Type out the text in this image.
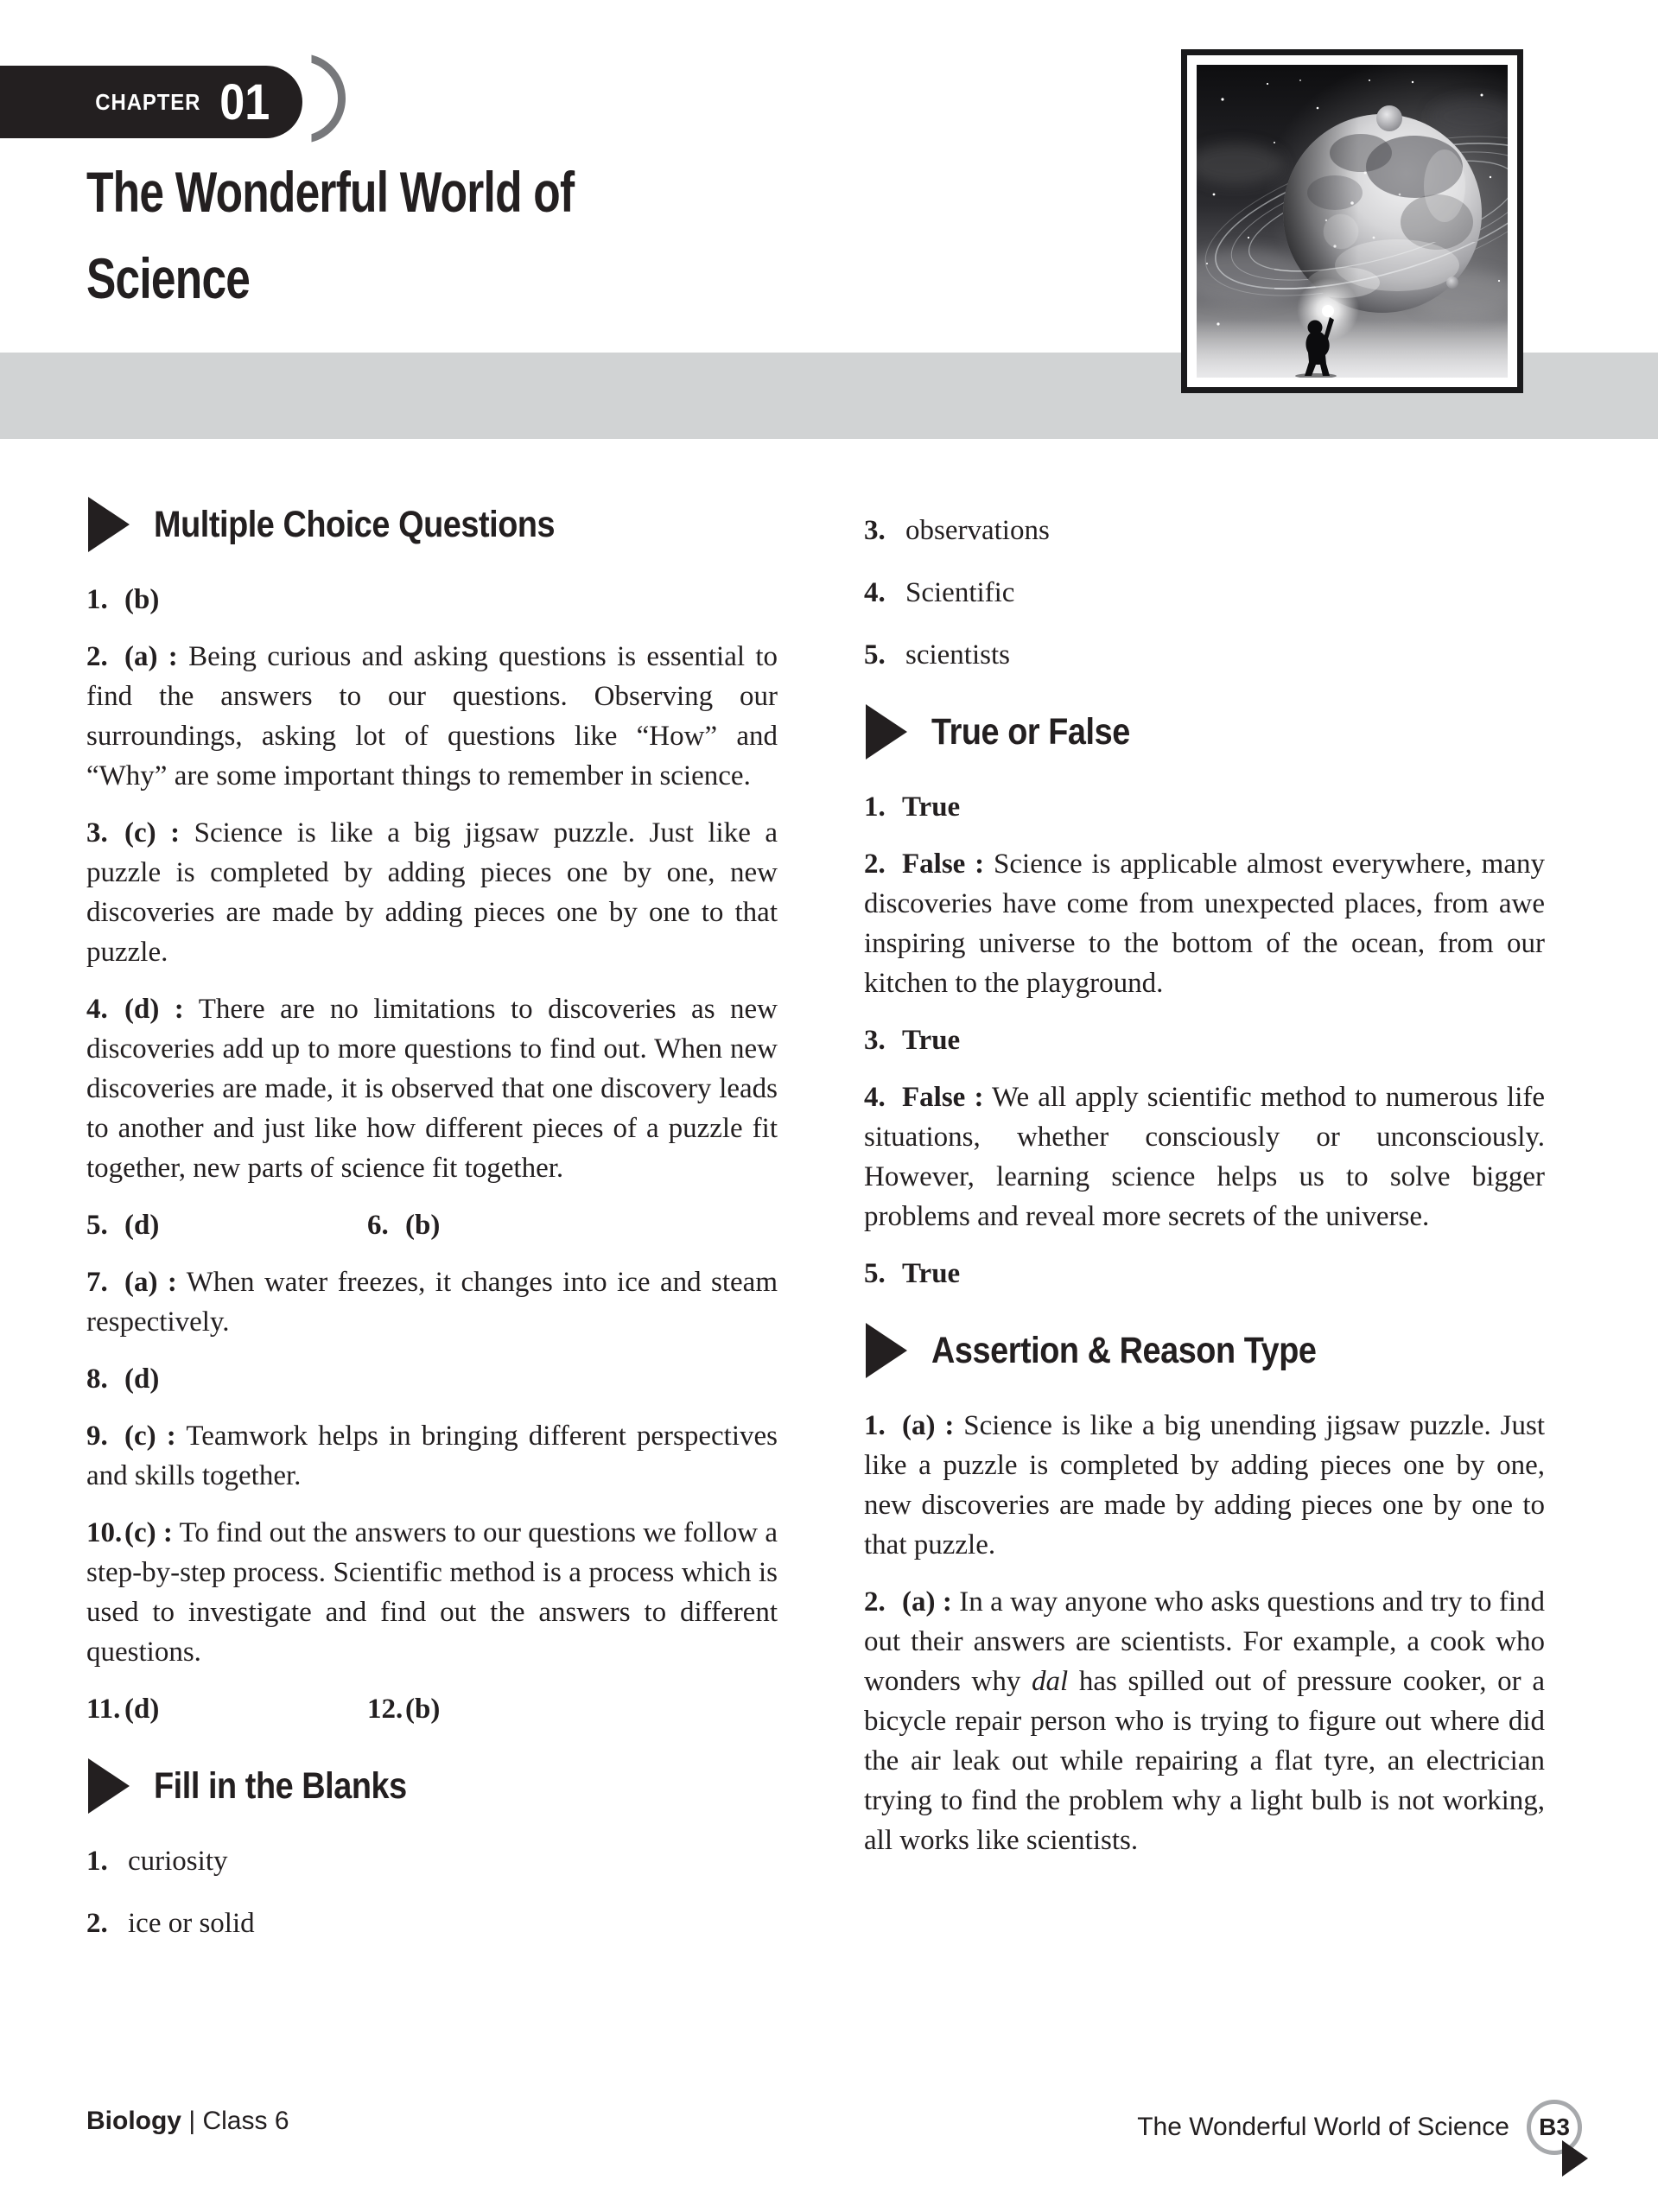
CHAPTER 01
The Wonderful World of
Science
Multiple Choice Questions

1. (b)

2. (a) : Being curious and asking questions is essential to find the answers to our questions. Observing our surroundings, asking lot of questions like “How” and “Why” are some important things to remember in science.

3. (c) : Science is like a big jigsaw puzzle. Just like a puzzle is completed by adding pieces one by one, new discoveries are made by adding pieces one by one to that puzzle.

4. (d) : There are no limitations to discoveries as new discoveries add up to more questions to find out. When new discoveries are made, it is observed that one discovery leads to another and just like how different pieces of a puzzle fit together, new parts of science fit together.

5. (d)	6. (b)

7. (a) : When water freezes, it changes into ice and steam respectively.

8. (d)

9. (c) : Teamwork helps in bringing different perspectives and skills together.

10.(c) : To find out the answers to our questions we follow a step-by-step process. Scientific method is a process which is used to investigate and find out the answers to different questions.

11. (d)	12.(b)

Fill in the Blanks

1. curiosity

2. ice or solid

3. observations

4. Scientific

5. scientists

True or False

1. True

2. False : Science is applicable almost everywhere, many discoveries have come from unexpected places, from awe inspiring universe to the bottom of the ocean, from our kitchen to the playground.

3. True

4. False : We all apply scientific method to numerous life situations, whether consciously or unconsciously. However, learning science helps us to solve bigger problems and reveal more secrets of the universe.

5. True

Assertion & Reason Type

1. (a) : Science is like a big unending jigsaw puzzle. Just like a puzzle is completed by adding pieces one by one, new discoveries are made by adding pieces one by one to that puzzle.

2. (a) : In a way anyone who asks questions and try to find out their answers are scientists. For example, a cook who wonders why dal has spilled out of pressure cooker, or a bicycle repair person who is trying to figure out where did the air leak out while repairing a flat tyre, an electrician trying to find the problem why a light bulb is not working, all works like scientists.

Biology | Class 6	The Wonderful World of Science B3
